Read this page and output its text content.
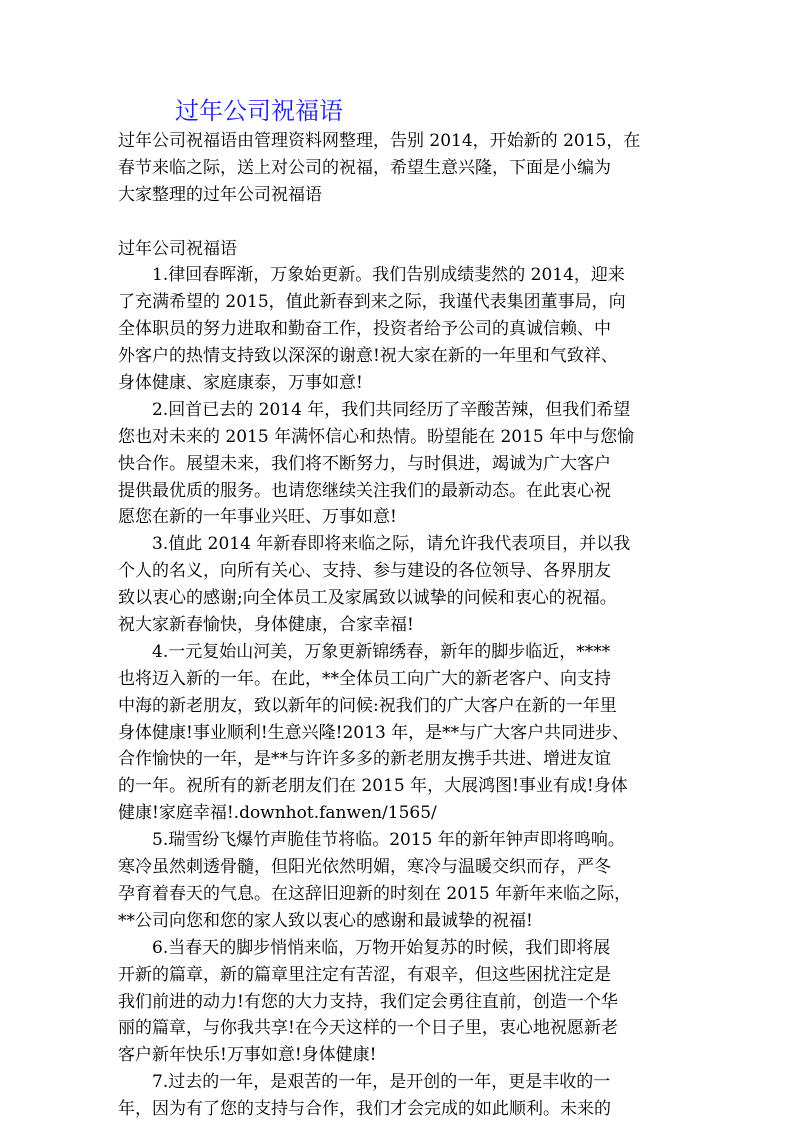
过年公司祝福语
过年公司祝福语由管理资料网整理，告别 2014，开始新的 2015，在
春节来临之际，送上对公司的祝福，希望生意兴隆，下面是小编为
大家整理的过年公司祝福语
过年公司祝福语
1.律回春晖渐，万象始更新。我们告别成绩斐然的 2014，迎来
了充满希望的 2015，值此新春到来之际，我谨代表集团董事局，向
全体职员的努力进取和勤奋工作，投资者给予公司的真诚信赖、中
外客户的热情支持致以深深的谢意!祝大家在新的一年里和气致祥、
身体健康、家庭康泰，万事如意!
2.回首已去的 2014 年，我们共同经历了辛酸苦辣，但我们希望
您也对未来的 2015 年满怀信心和热情。盼望能在 2015 年中与您愉
快合作。展望未来，我们将不断努力，与时俱进，竭诚为广大客户
提供最优质的服务。也请您继续关注我们的最新动态。在此衷心祝
愿您在新的一年事业兴旺、万事如意!
3.值此 2014 年新春即将来临之际，请允许我代表项目，并以我
个人的名义，向所有关心、支持、参与建设的各位领导、各界朋友
致以衷心的感谢;向全体员工及家属致以诚挚的问候和衷心的祝福。
祝大家新春愉快，身体健康，合家幸福!
4.一元复始山河美，万象更新锦绣春，新年的脚步临近，****
也将迈入新的一年。在此，**全体员工向广大的新老客户、向支持
中海的新老朋友，致以新年的问候:祝我们的广大客户在新的一年里
身体健康!事业顺利!生意兴隆!2013 年，是**与广大客户共同进步、
合作愉快的一年，是**与许许多多的新老朋友携手共进、增进友谊
的一年。祝所有的新老朋友们在 2015 年，大展鸿图!事业有成!身体
健康!家庭幸福!.downhot.fanwen/1565/
5.瑞雪纷飞爆竹声脆佳节将临。2015 年的新年钟声即将鸣响。
寒冷虽然刺透骨髓，但阳光依然明媚，寒冷与温暖交织而存，严冬
孕育着春天的气息。在这辞旧迎新的时刻在 2015 年新年来临之际，
**公司向您和您的家人致以衷心的感谢和最诚挚的祝福!
6.当春天的脚步悄悄来临，万物开始复苏的时候，我们即将展
开新的篇章，新的篇章里注定有苦涩，有艰辛，但这些困扰注定是
我们前进的动力!有您的大力支持，我们定会勇往直前，创造一个华
丽的篇章，与你我共享!在今天这样的一个日子里，衷心地祝愿新老
客户新年快乐!万事如意!身体健康!
7.过去的一年，是艰苦的一年，是开创的一年，更是丰收的一
年，因为有了您的支持与合作，我们才会完成的如此顺利。未来的
